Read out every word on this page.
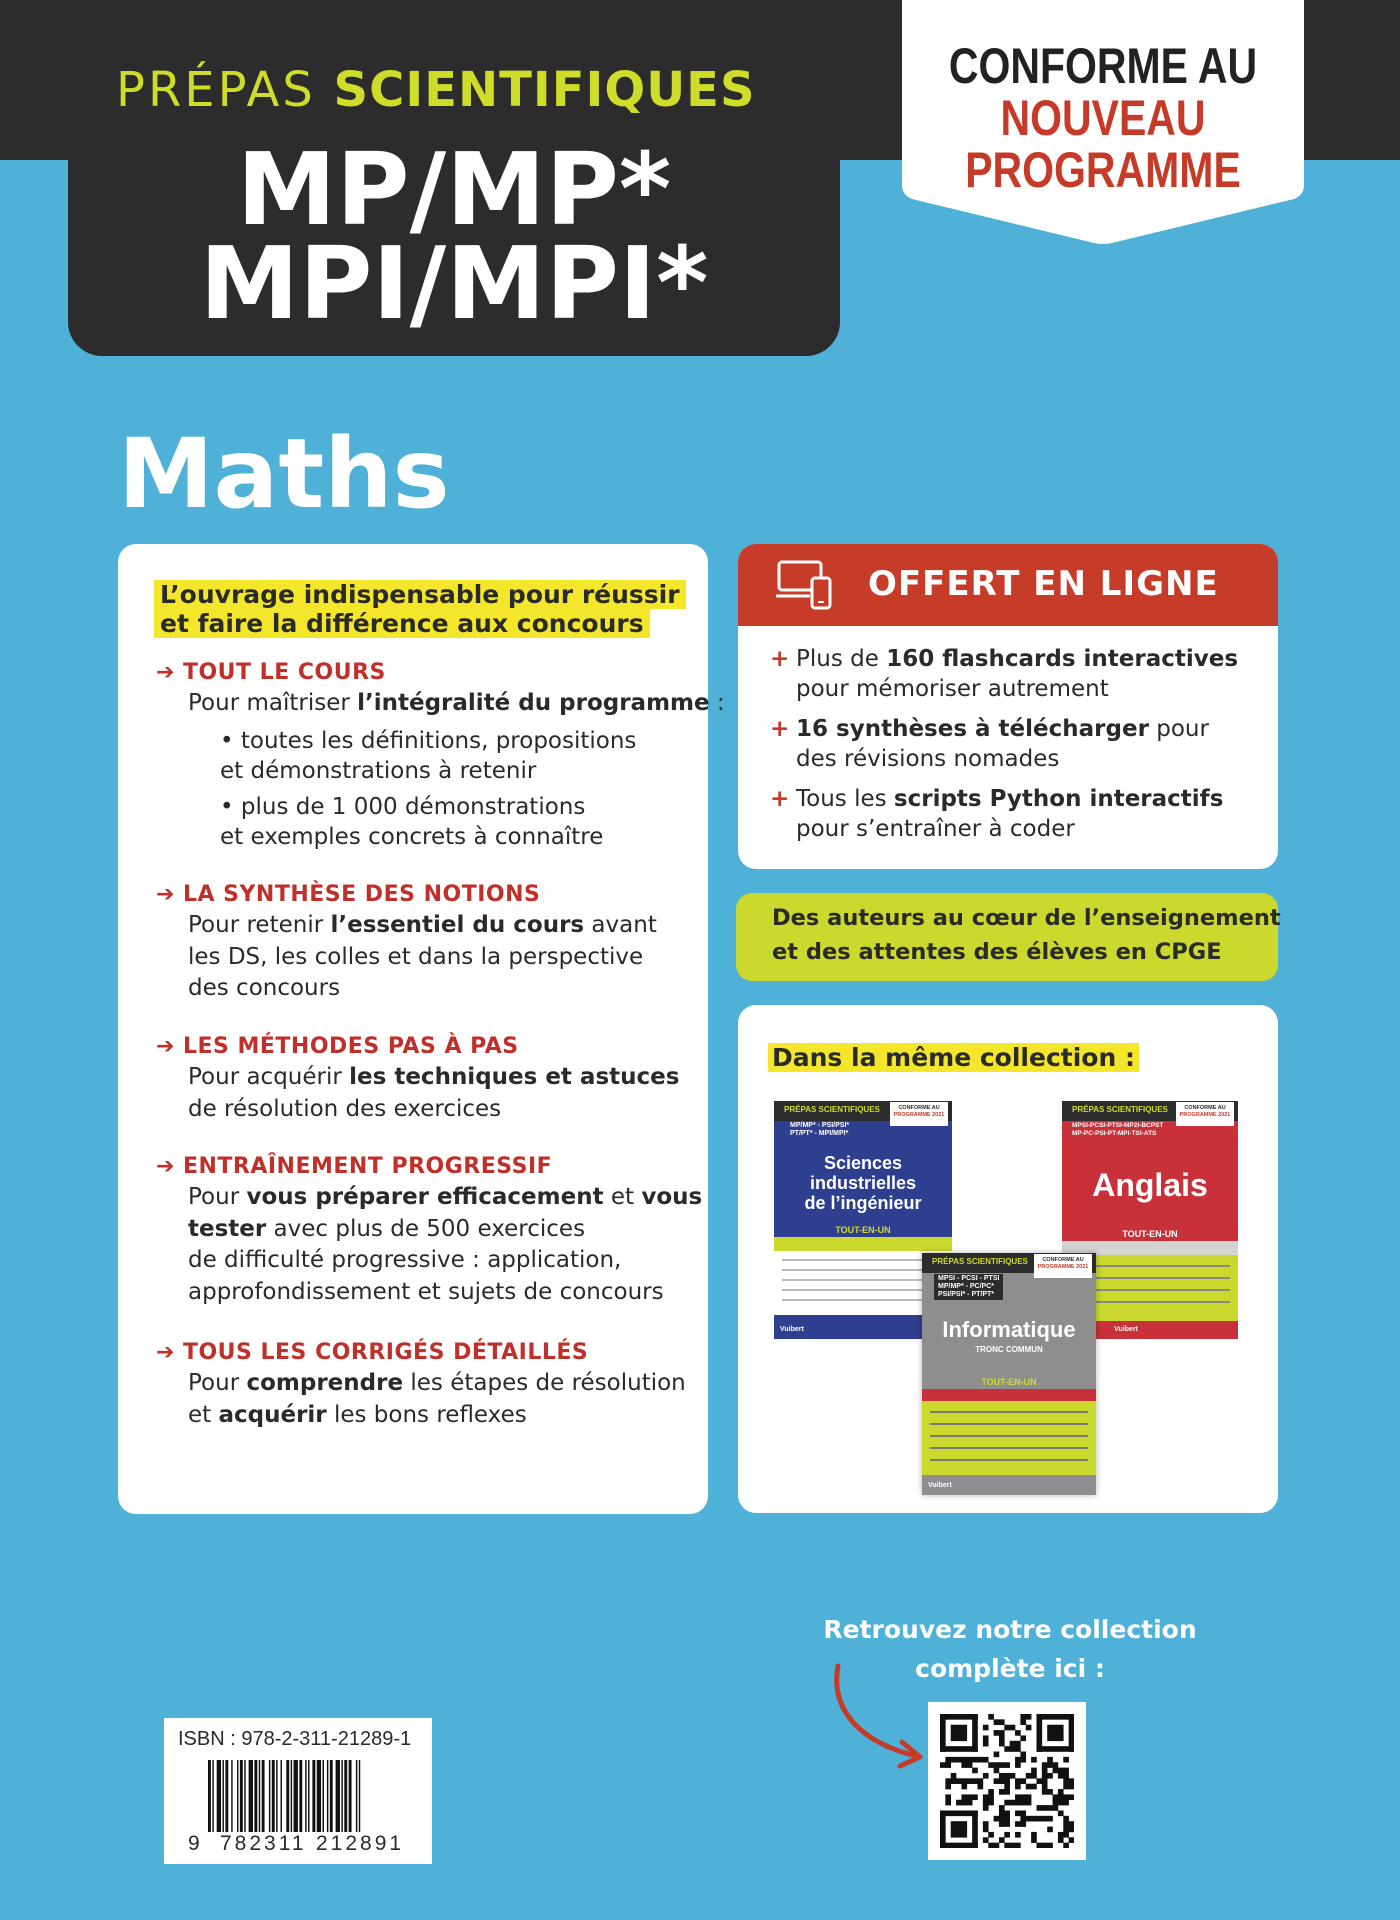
PRÉPAS SCIENTIFIQUES
MP/MP*
MPI/MPI*
CONFORME AU
NOUVEAU
PROGRAMME
Maths
L’ouvrage indispensable pour réussir
et faire la différence aux concours
➔ TOUT LE COURS
Pour maîtriser l’intégralité du programme :
• toutes les définitions, propositions
et démonstrations à retenir
• plus de 1 000 démonstrations
et exemples concrets à connaître
➔ LA SYNTHÈSE DES NOTIONS
Pour retenir l’essentiel du cours avant
les DS, les colles et dans la perspective
des concours
➔ LES MÉTHODES PAS À PAS
Pour acquérir les techniques et astuces
de résolution des exercices
➔ ENTRAÎNEMENT PROGRESSIF
Pour vous préparer efficacement et vous
tester avec plus de 500 exercices
de difficulté progressive : application,
approfondissement et sujets de concours
➔ TOUS LES CORRIGÉS DÉTAILLÉS
Pour comprendre les étapes de résolution
et acquérir les bons reflexes
OFFERT EN LIGNE
+ Plus de 160 flashcards interactives
pour mémoriser autrement
+ 16 synthèses à télécharger pour
des révisions nomades
+ Tous les scripts Python interactifs
pour s’entraîner à coder
Des auteurs au cœur de l’enseignement
et des attentes des élèves en CPGE
Dans la même collection :
PRÉPAS SCIENTIFIQUES	CONFORME AU
PROGRAMME 2021
MP/MP* - PSI/PSI*
PT/PT* - MPI/MPI*
Sciences
industrielles
de l’ingénieur
TOUT-EN-UN
Vuibert
PRÉPAS SCIENTIFIQUES	CONFORME AU
PROGRAMME 2021
MPSI-PCSI-PTSI-MP2I-BCPST
MP-PC-PSI-PT-MPI-TSI-ATS
Anglais
TOUT-EN-UN
Vuibert
PRÉPAS SCIENTIFIQUES	CONFORME AU
PROGRAMME 2021
MPSI - PCSI - PTSI
MP/MP* - PC/PC*
PSI/PSI* - PT/PT*
Informatique
TRONC COMMUN
TOUT-EN-UN
Vuibert
ISBN : 978-2-311-21289-1
9 782311 212891
Retrouvez notre collection
complète ici :
